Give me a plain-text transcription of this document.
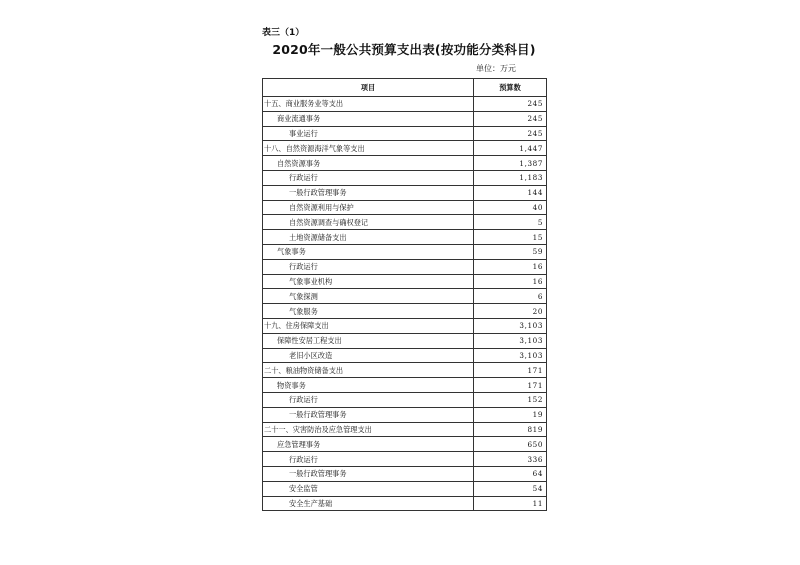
表三（1）
2020年一般公共预算支出表(按功能分类科目)
单位：万元
项目	预算数
十五、商业服务业等支出	245
商业流通事务	245
事业运行	245
十八、自然资源海洋气象等支出	1,447
自然资源事务	1,387
行政运行	1,183
一般行政管理事务	144
自然资源利用与保护	40
自然资源调查与确权登记	5
土地资源储备支出	15
气象事务	59
行政运行	16
气象事业机构	16
气象探测	6
气象服务	20
十九、住房保障支出	3,103
保障性安居工程支出	3,103
老旧小区改造	3,103
二十、粮油物资储备支出	171
物资事务	171
行政运行	152
一般行政管理事务	19
二十一、灾害防治及应急管理支出	819
应急管理事务	650
行政运行	336
一般行政管理事务	64
安全监管	54
安全生产基础	11
